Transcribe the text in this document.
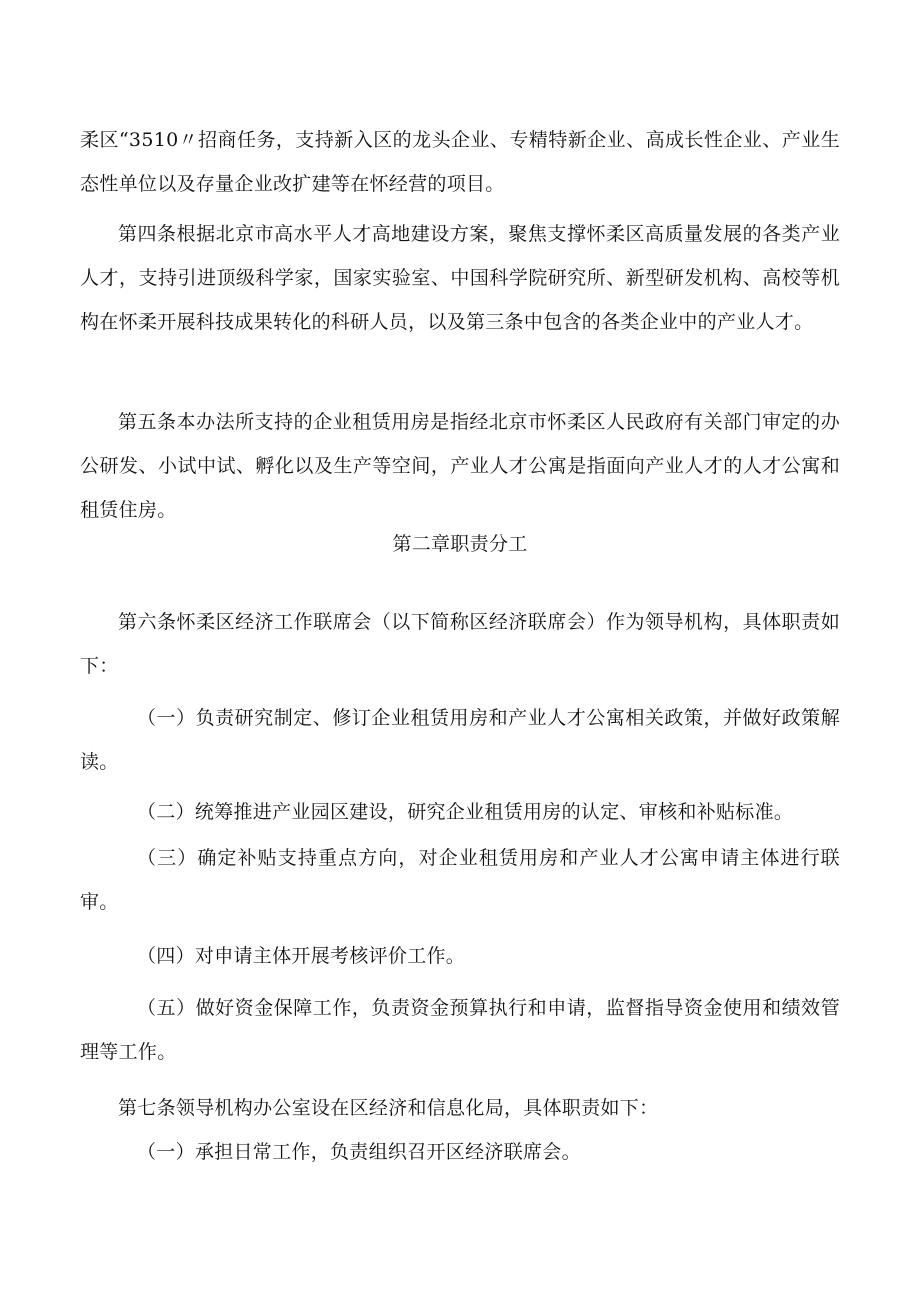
柔区“3510〃招商任务，支持新入区的龙头企业、专精特新企业、高成长性企业、产业生态性单位以及存量企业改扩建等在怀经营的项目。

第四条根据北京市高水平人才高地建设方案，聚焦支撑怀柔区高质量发展的各类产业人才，支持引进顶级科学家，国家实验室、中国科学院研究所、新型研发机构、高校等机构在怀柔开展科技成果转化的科研人员，以及第三条中包含的各类企业中的产业人才。

第五条本办法所支持的企业租赁用房是指经北京市怀柔区人民政府有关部门审定的办公研发、小试中试、孵化以及生产等空间，产业人才公寓是指面向产业人才的人才公寓和租赁住房。

第二章职责分工

第六条怀柔区经济工作联席会（以下简称区经济联席会）作为领导机构，具体职责如下：

（一）负责研究制定、修订企业租赁用房和产业人才公寓相关政策，并做好政策解读。

（二）统筹推进产业园区建设，研究企业租赁用房的认定、审核和补贴标准。

（三）确定补贴支持重点方向，对企业租赁用房和产业人才公寓申请主体进行联审。

（四）对申请主体开展考核评价工作。

（五）做好资金保障工作，负责资金预算执行和申请，监督指导资金使用和绩效管理等工作。

第七条领导机构办公室设在区经济和信息化局，具体职责如下：

（一）承担日常工作，负责组织召开区经济联席会。
